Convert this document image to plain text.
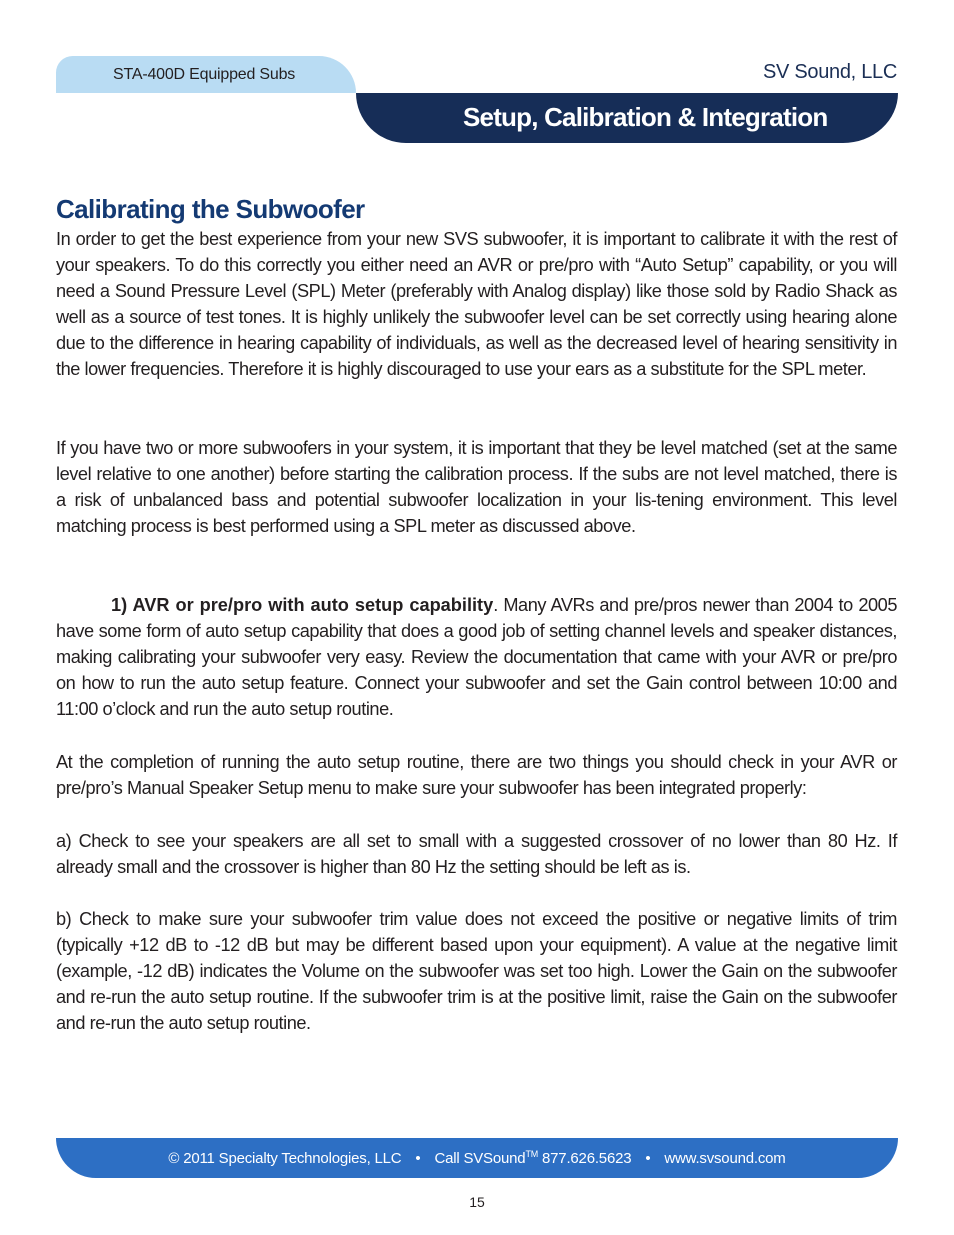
STA-400D Equipped Subs	SV Sound, LLC
Setup, Calibration & Integration
Calibrating the Subwoofer
In order to get the best experience from your new SVS subwoofer, it is important to calibrate it with the rest of your speakers. To do this correctly you either need an AVR or pre/pro with “Auto Setup” capability, or you will need a Sound Pressure Level (SPL) Meter (preferably with Analog display) like those sold by Radio Shack as well as a source of test tones. It is highly unlikely the subwoofer level can be set correctly using hearing alone due to the difference in hearing capability of individuals, as well as the decreased level of hearing sensitivity in the lower frequencies. Therefore it is highly discouraged to use your ears as a substitute for the SPL meter.
If you have two or more subwoofers in your system, it is important that they be level matched (set at the same level relative to one another) before starting the calibration process. If the subs are not level matched, there is a risk of unbalanced bass and potential subwoofer localization in your lis-tening environment. This level matching process is best performed using a SPL meter as discussed above.
1) AVR or pre/pro with auto setup capability. Many AVRs and pre/pros newer than 2004 to 2005 have some form of auto setup capability that does a good job of setting channel levels and speaker distances, making calibrating your subwoofer very easy. Review the documentation that came with your AVR or pre/pro on how to run the auto setup feature. Connect your subwoofer and set the Gain control between 10:00 and 11:00 o’clock and run the auto setup routine.
At the completion of running the auto setup routine, there are two things you should check in your AVR or pre/pro’s Manual Speaker Setup menu to make sure your subwoofer has been integrated properly:
a) Check to see your speakers are all set to small with a suggested crossover of no lower than 80 Hz. If already small and the crossover is higher than 80 Hz the setting should be left as is.
b) Check to make sure your subwoofer trim value does not exceed the positive or negative limits of trim (typically +12 dB to -12 dB but may be different based upon your equipment). A value at the negative limit (example, -12 dB) indicates the Volume on the subwoofer was set too high. Lower the Gain on the subwoofer and re-run the auto setup routine. If the subwoofer trim is at the positive limit, raise the Gain on the subwoofer and re-run the auto setup routine.
© 2011 Specialty Technologies, LLC • Call SVSound™ 877.626.5623 • www.svsound.com
15
